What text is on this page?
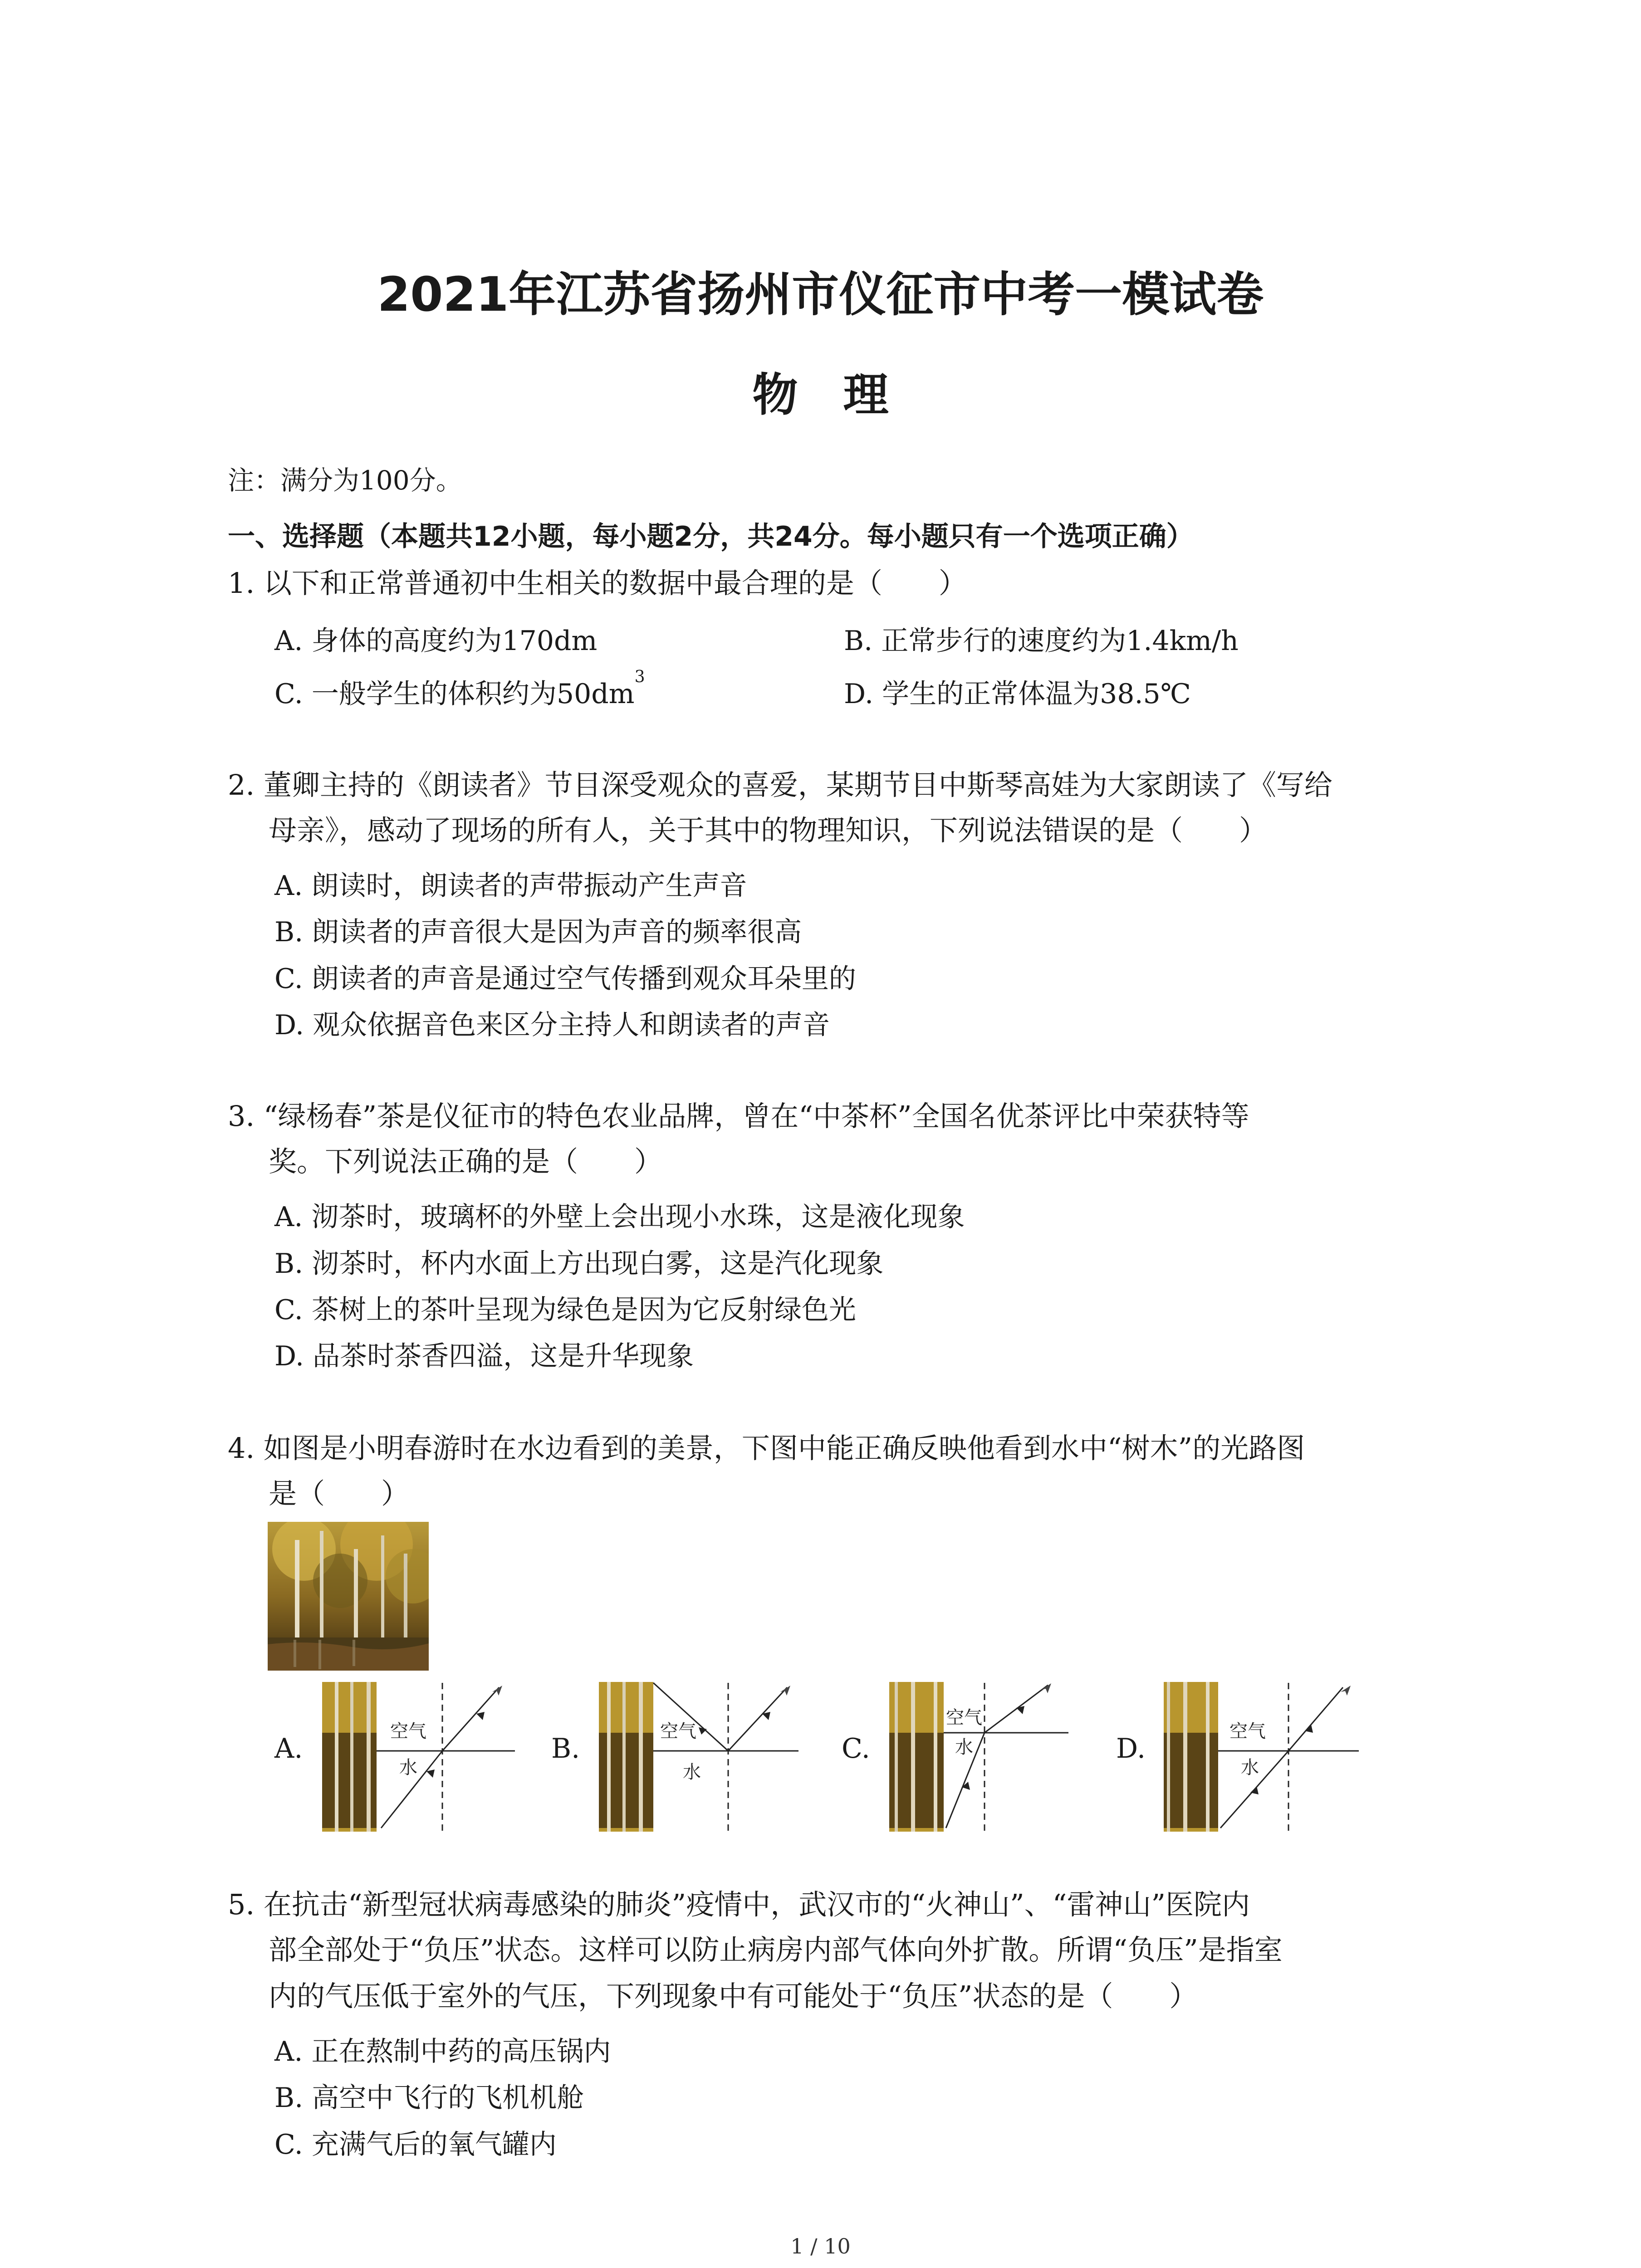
2021年江苏省扬州市仪征市中考一模试卷
物理
注：满分为100分。
一、选择题（本题共12小题，每小题2分，共24分。每小题只有一个选项正确）
1. 以下和正常普通初中生相关的数据中最合理的是（　　）
A. 身体的高度约为170dm	B. 正常步行的速度约为1.4km/h
C. 一般学生的体积约为$50dm^3$
D. 学生的正常体温为38.5℃
2. 董卿主持的《朗读者》节目深受观众的喜爱，某期节目中斯琴高娃为大家朗读了《写给
母亲》，感动了现场的所有人，关于其中的物理知识，下列说法错误的是（　　）
A. 朗读时，朗读者的声带振动产生声音
B. 朗读者的声音很大是因为声音的频率很高
C. 朗读者的声音是通过空气传播到观众耳朵里的
D. 观众依据音色来区分主持人和朗读者的声音
3. “绿杨春”茶是仪征市的特色农业品牌，曾在“中茶杯”全国名优茶评比中荣获特等
奖。下列说法正确的是（　　）
A. 沏茶时，玻璃杯的外壁上会出现小水珠，这是液化现象
B. 沏茶时，杯内水面上方出现白雾，这是汽化现象
C. 茶树上的茶叶呈现为绿色是因为它反射绿色光
D. 品茶时茶香四溢，这是升华现象
4. 如图是小明春游时在水边看到的美景，下图中能正确反映他看到水中“树木”的光路图
是（　　）
空气
水
空气
水
空气
水
空气
水
A.	B.	C.	D.
5. 在抗击“新型冠状病毒感染的肺炎”疫情中，武汉市的“火神山”、“雷神山”医院内
部全部处于“负压”状态。这样可以防止病房内部气体向外扩散。所谓“负压”是指室
内的气压低于室外的气压，下列现象中有可能处于“负压”状态的是（　　）
A. 正在熬制中药的高压锅内
B. 高空中飞行的飞机机舱
C. 充满气后的氧气罐内
1 / 10
